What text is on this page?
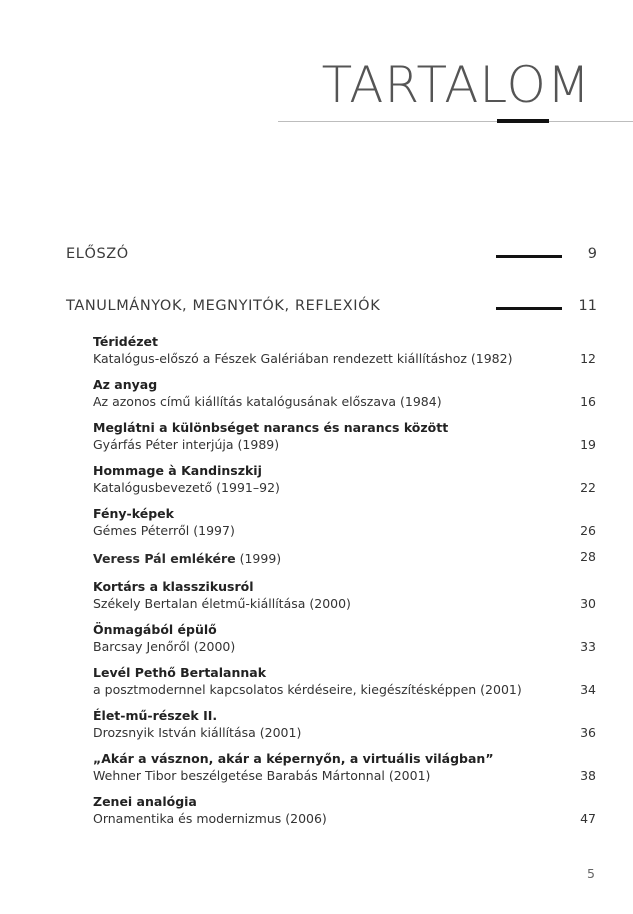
TARTALOM
ELŐSZÓ	9
TANULMÁNYOK, MEGNYITÓK, REFLEXIÓK	11
Téridézet
Katalógus-előszó a Fészek Galériában rendezett kiállításhoz (1982)	12
Az anyag
Az azonos című kiállítás katalógusának előszava (1984)	16
Meglátni a különbséget narancs és narancs között
Gyárfás Péter interjúja (1989)	19
Hommage à Kandinszkij
Katalógusbevezető (1991–92)	22
Fény-képek
Gémes Péterről (1997)	26
Veress Pál emlékére (1999)	28
Kortárs a klasszikusról
Székely Bertalan életmű-kiállítása (2000)	30
Önmagából épülő
Barcsay Jenőről (2000)	33
Levél Pethő Bertalannak
a posztmodernnel kapcsolatos kérdéseire, kiegészítésképpen (2001)	34
Élet-mű-részek II.
Drozsnyik István kiállítása (2001)	36
„Akár a vásznon, akár a képernyőn, a virtuális világban”
Wehner Tibor beszélgetése Barabás Mártonnal (2001)	38
Zenei analógia
Ornamentika és modernizmus (2006)	47
5
